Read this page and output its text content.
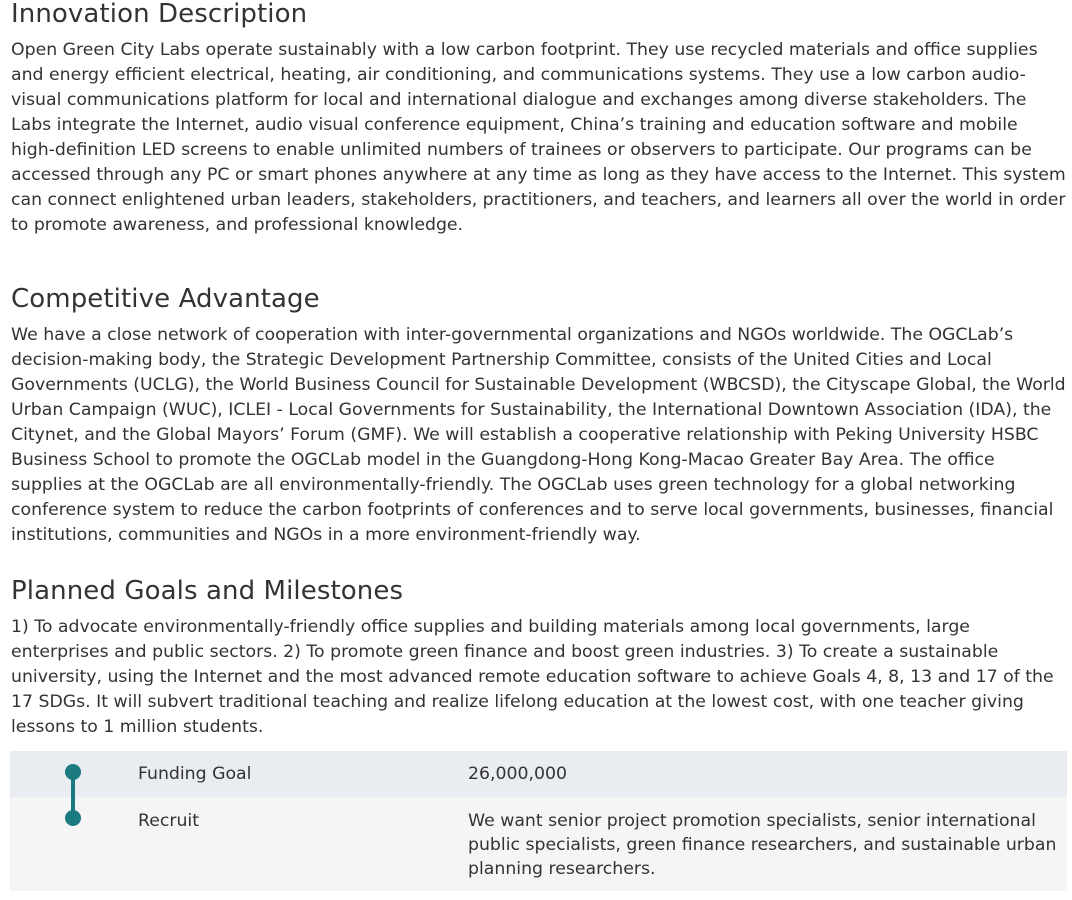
Innovation Description

Open Green City Labs operate sustainably with a low carbon footprint. They use recycled materials and office supplies and energy efficient electrical, heating, air conditioning, and communications systems. They use a low carbon audio-visual communications platform for local and international dialogue and exchanges among diverse stakeholders. The Labs integrate the Internet, audio visual conference equipment, China’s training and education software and mobile high-definition LED screens to enable unlimited numbers of trainees or observers to participate. Our programs can be accessed through any PC or smart phones anywhere at any time as long as they have access to the Internet. This system can connect enlightened urban leaders, stakeholders, practitioners, and teachers, and learners all over the world in order to promote awareness, and professional knowledge.

Competitive Advantage

We have a close network of cooperation with inter-governmental organizations and NGOs worldwide. The OGCLab’s decision-making body, the Strategic Development Partnership Committee, consists of the United Cities and Local Governments (UCLG), the World Business Council for Sustainable Development (WBCSD), the Cityscape Global, the World Urban Campaign (WUC), ICLEI - Local Governments for Sustainability, the International Downtown Association (IDA), the Citynet, and the Global Mayors’ Forum (GMF). We will establish a cooperative relationship with Peking University HSBC Business School to promote the OGCLab model in the Guangdong-Hong Kong-Macao Greater Bay Area. The office supplies at the OGCLab are all environmentally-friendly. The OGCLab uses green technology for a global networking conference system to reduce the carbon footprints of conferences and to serve local governments, businesses, financial institutions, communities and NGOs in a more environment-friendly way.

Planned Goals and Milestones

1) To advocate environmentally-friendly office supplies and building materials among local governments, large enterprises and public sectors. 2) To promote green finance and boost green industries. 3) To create a sustainable university, using the Internet and the most advanced remote education software to achieve Goals 4, 8, 13 and 17 of the 17 SDGs. It will subvert traditional teaching and realize lifelong education at the lowest cost, with one teacher giving lessons to 1 million students.

Funding Goal	26,000,000
Recruit	We want senior project promotion specialists, senior international public specialists, green finance researchers, and sustainable urban planning researchers.
